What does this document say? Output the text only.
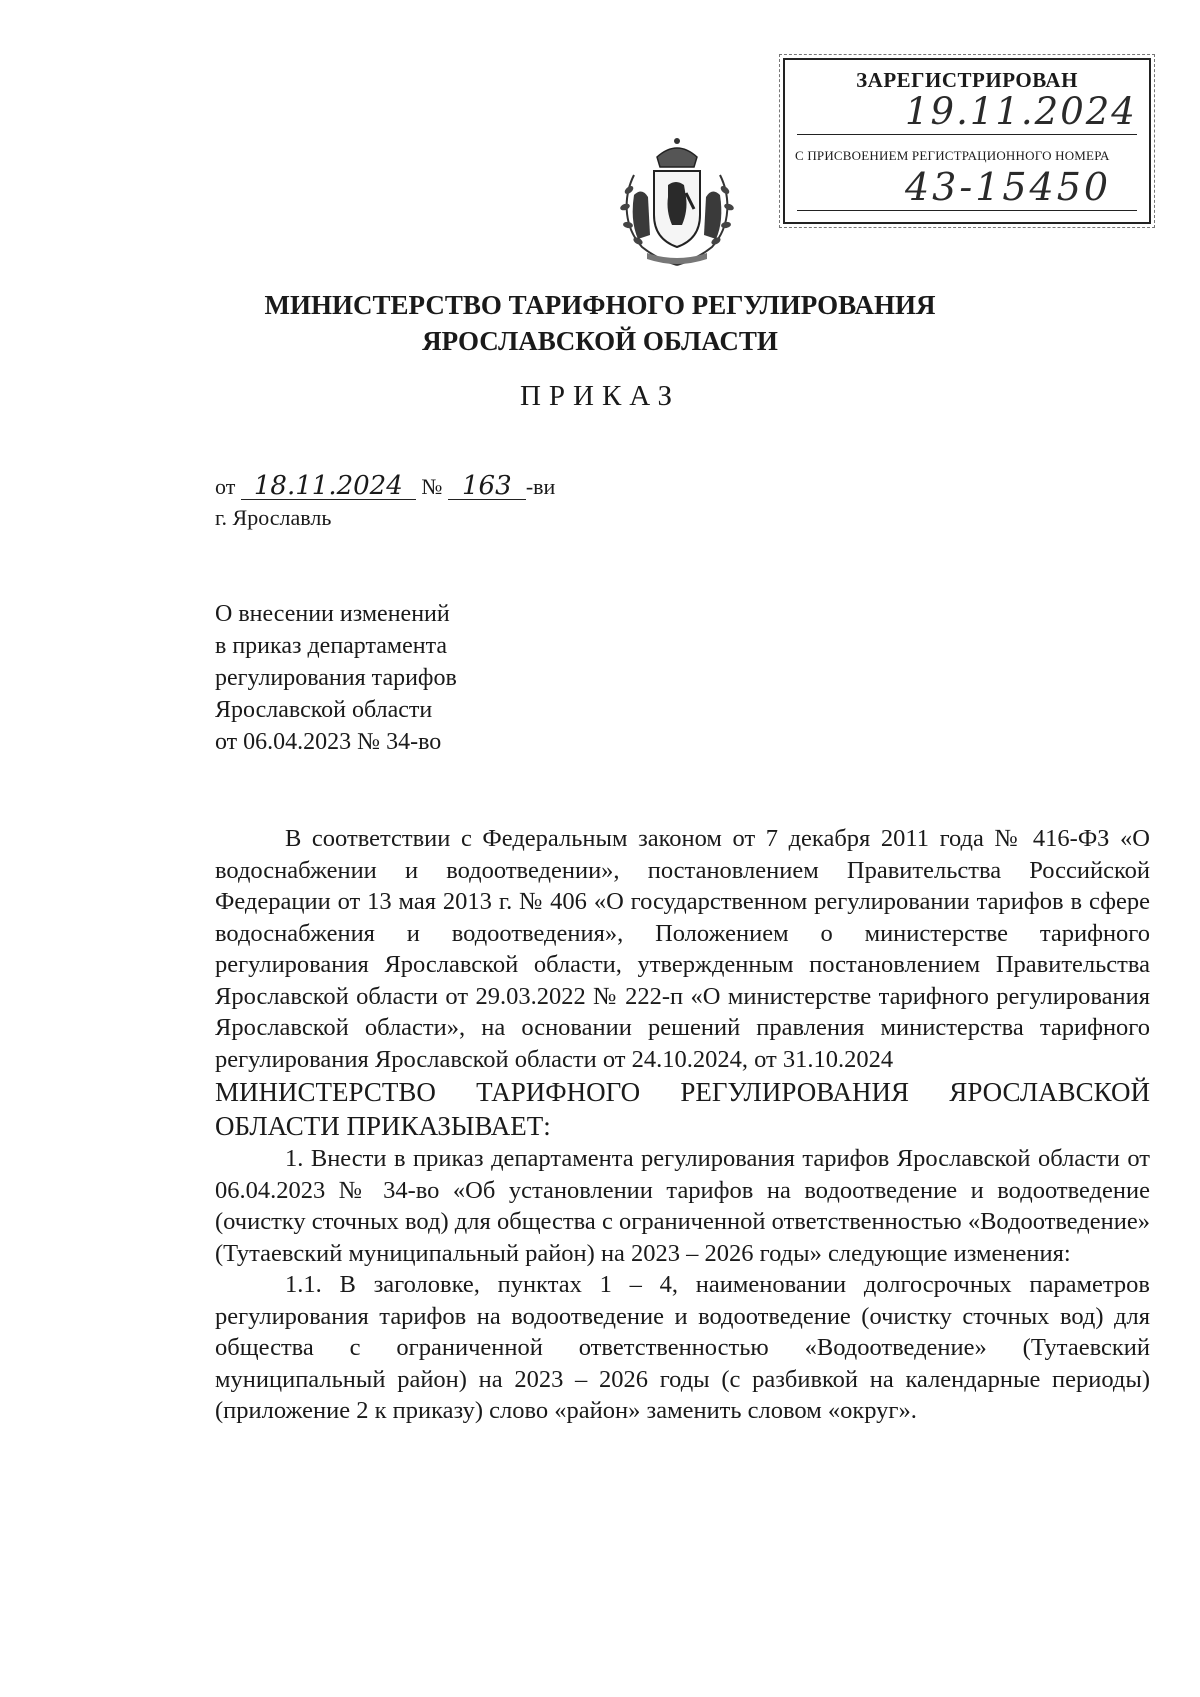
ЗАРЕГИСТРИРОВАН
19.11.2024
С ПРИСВОЕНИЕМ РЕГИСТРАЦИОННОГО НОМЕРА
43-15450
МИНИСТЕРСТВО ТАРИФНОГО РЕГУЛИРОВАНИЯ
ЯРОСЛАВСКОЙ ОБЛАСТИ
ПРИКАЗ
от 18.11.2024 № 163 -ви
г. Ярославль
О внесении изменений
в приказ департамента
регулирования тарифов
Ярославской области
от 06.04.2023 № 34-во

В соответствии с Федеральным законом от 7 декабря 2011 года № 416-ФЗ «О водоснабжении и водоотведении», постановлением Правительства Российской Федерации от 13 мая 2013 г. № 406 «О государственном регулировании тарифов в сфере водоснабжения и водоотведения», Положением о министерстве тарифного регулирования Ярославской области, утвержденным постановлением Правительства Ярославской области от 29.03.2022 № 222-п «О министерстве тарифного регулирования Ярославской области», на основании решений правления министерства тарифного регулирования Ярославской области от 24.10.2024, от 31.10.2024

МИНИСТЕРСТВО ТАРИФНОГО РЕГУЛИРОВАНИЯ ЯРОСЛАВСКОЙ ОБЛАСТИ ПРИКАЗЫВАЕТ:

1. Внести в приказ департамента регулирования тарифов Ярославской области от 06.04.2023 № 34-во «Об установлении тарифов на водоотведение и водоотведение (очистку сточных вод) для общества с ограниченной ответственностью «Водоотведение» (Тутаевский муниципальный район) на 2023 – 2026 годы» следующие изменения:

1.1. В заголовке, пунктах 1 – 4, наименовании долгосрочных параметров регулирования тарифов на водоотведение и водоотведение (очистку сточных вод) для общества с ограниченной ответственностью «Водоотведение» (Тутаевский муниципальный район) на 2023 – 2026 годы (с разбивкой на календарные периоды) (приложение 2 к приказу) слово «район» заменить словом «округ».
